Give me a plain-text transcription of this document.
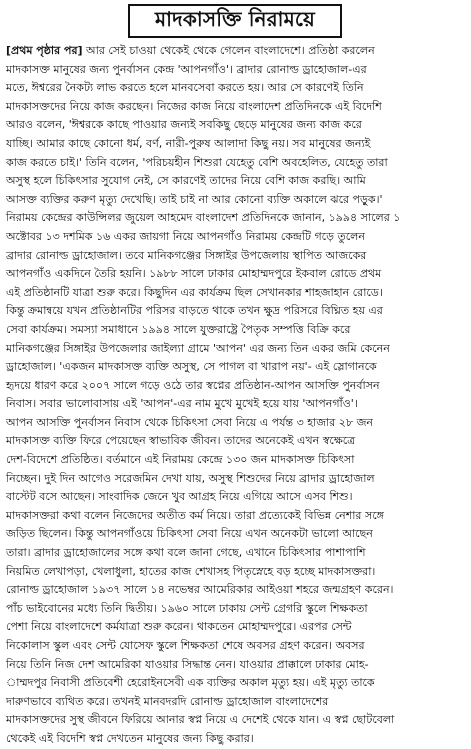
মাদকাসক্তি নিরাময়ে
[প্রথম পৃষ্ঠার পর] আর সেই চাওয়া থেকেই থেকে গেলেন বাংলাদেশে। প্রতিষ্ঠা করলেন
মাদকাসক্ত মানুষের জন্য পুনর্বাসন কেন্দ্র 'আপনগাঁও'। ব্রাদার রোনাল্ড ড্রাহোজাল-এর
মতে, ঈশ্বরের নৈকট্য লাভ করতে হলে মানবসেবা করতে হয়। আর সে কারণেই তিনি
মাদকাসক্তদের নিয়ে কাজ করছেন। নিজের কাজ নিয়ে বাংলাদেশ প্রতিদিনকে এই বিদেশি
আরও বলেন, 'ঈশ্বরকে কাছে পাওয়ার জন্যই সবকিছু ছেড়ে মানুষের জন্য কাজ করে
যাচ্ছি। আমার কাছে কোনো ধর্ম, বর্ণ, নারী-পুরুষ আলাদা কিছু নয়। সব মানুষের জন্যই
কাজ করতে চাই।' তিনি বলেন, 'পরিচয়হীন শিশুরা যেহেতু বেশি অবহেলিত, যেহেতু তারা
অসুস্থ হলে চিকিৎসার সুযোগ নেই, সে কারণেই তাদের নিয়ে বেশি কাজ করছি। আমি
আসক্ত ব্যক্তির করুণ মৃত্যু দেখেছি। তাই চাই না আর কোনো ব্যক্তি অকালে ঝরে পড়ুক।'
নিরাময় কেন্দ্রের কাউন্সিলর জুয়েল আহমেদ বাংলাদেশ প্রতিদিনকে জানান, ১৯৯৪ সালের ১
অক্টোবর ১৩ দশমিক ১৬ একর জায়গা নিয়ে আপনগাঁও নিরাময় কেন্দ্রটি গড়ে তুলেন
ব্রাদার রোনাল্ড ড্রাহোজাল। তবে মানিকগঞ্জের সিঙ্গাইর উপজেলায় স্থাপিত আজকের
আপনগাঁও একদিনে তৈরি হয়নি। ১৯৮৮ সালে ঢাকার মোহাম্মদপুরে ইকবাল রোডে প্রথম
এই প্রতিষ্ঠানটি যাত্রা শুরু করে। কিছুদিন এর কার্যক্রম ছিল সেখানকার শাহজাহান রোডে।
কিন্তু ক্রমান্বয়ে যখন প্রতিষ্ঠানটির পরিসর বাড়তে থাকে তখন ক্ষুদ্র পরিসরে বিঘ্নিত হয় এর
সেবা কার্যক্রম। সমস্যা সমাধানে ১৯৯৪ সালে যুক্তরাষ্ট্রে পৈতৃক সম্পত্তি বিক্রি করে
মানিকগঞ্জের সিঙ্গাইর উপজেলার জাইল্যা গ্রামে 'আপন' এর জন্য তিন একর জমি কেনেন
ড্রাহোজাল। 'একজন মাদকাসক্ত ব্যক্তি অসুস্থ, সে পাগল বা খারাপ নয়'- এই স্লোগানকে
হৃদয়ে ধারণ করে ২০০৭ সালে গড়ে ওঠে তার স্বপ্নের প্রতিষ্ঠান-আপন আসক্তি পুনর্বাসন
নিবাস। সবার ভালোবাসায় এই 'আপন'-এর নাম মুখে মুখেই হয়ে যায় 'আপনগাঁও'।
আপন আসক্তি পুনর্বাসন নিবাস থেকে চিকিৎসা সেবা নিয়ে এ পর্যন্ত ৩ হাজার ২৮ জন
মাদকাসক্ত ব্যক্তি ফিরে পেয়েছেন স্বাভাবিক জীবন। তাদের অনেকেই এখন স্বক্ষেত্রে
দেশ-বিদেশে প্রতিষ্ঠিত। বর্তমানে এই নিরাময় কেন্দ্রে ১৩০ জন মাদকাসক্ত চিকিৎসা
নিচ্ছেন। দুই দিন আগেও সরেজমিন দেখা যায়, অসুস্থ শিশুদের নিয়ে ব্রাদার ড্রাহোজাল
বাস্টেট বসে আছেন। সাংবাদিক জেনে খুব আগ্রহ নিয়ে এগিয়ে আসে এসব শিশু।
মাদকাসক্তরা কথা বলেন নিজেদের অতীত কর্ম নিয়ে। তারা প্রত্যেকেই বিভিন্ন নেশার সঙ্গে
জড়িত ছিলেন। কিন্তু আপনগাঁওয়ে চিকিৎসা সেবা নিয়ে এখন অনেকটা ভালো আছেন
তারা। ব্রাদার ড্রাহোজালের সঙ্গে কথা বলে জানা গেছে, এখানে চিকিৎসার পাশাপাশি
নিয়মিত লেখাপড়া, খেলাধুলা, হাতের কাজ শেখাসহ পিতৃস্নেহে বড় হচ্ছে মাদকাসক্তরা।
রোনাল্ড ড্রাহোজাল ১৯৩৭ সালে ১৪ নভেম্বর আমেরিকার আইওয়া শহরে জন্মগ্রহণ করেন।
পাঁচ ভাইবোনের মধ্যে তিনি দ্বিতীয়। ১৯৬০ সালে ঢাকায় সেন্ট গ্রেগরি স্কুলে শিক্ষকতা
পেশা নিয়ে বাংলাদেশে কর্মযাত্রা শুরু করেন। থাকতেন মোহাম্মদপুরে। এরপর সেন্ট
নিকোলাস স্কুল এবং সেন্ট যোসেফ স্কুলে শিক্ষকতা শেষে অবসর গ্রহণ করেন। অবসর
নিয়ে তিনি নিজ দেশ আমেরিকা যাওয়ার সিদ্ধান্ত নেন। যাওয়ার প্রাক্কালে ঢাকার মোহ-
াম্মদপুর নিবাসী প্রতিবেশী হেরোইনসেবী এক ব্যক্তির অকাল মৃত্যু হয়। এই মৃত্যু তাকে
দারুণভাবে ব্যথিত করে। তখনই মানবদরদি রোনাল্ড ড্রাহোজাল বাংলাদেশের
মাদকাসক্তদের সুস্থ জীবনে ফিরিয়ে আনার স্বপ্ন নিয়ে এ দেশেই থেকে যান। এ স্বপ্ন ছোটবেলা
থেকেই এই বিদেশি স্বপ্ন দেখতেন মানুষের জন্য কিছু করার।
